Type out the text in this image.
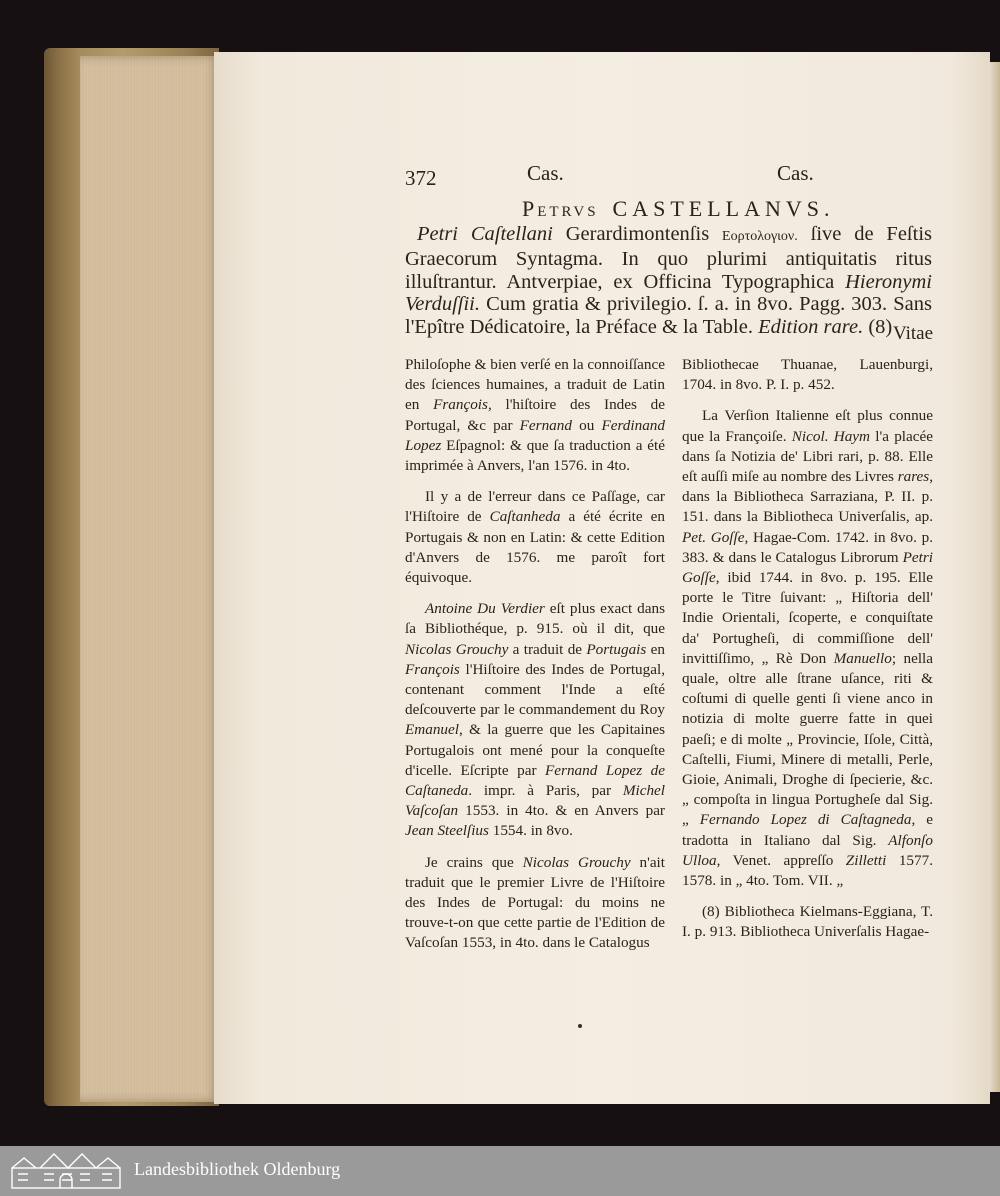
372	Cas.	Cas.
Petrvs CASTELLANVS.
Petri Caſtellani Gerardimontenſis Εορτολογιον. ſive de Feſtis Graecorum Syntagma. In quo plurimi antiquitatis ritus illuſtrantur. Antverpiae, ex Officina Typographica Hieronymi Verduſſii. Cum gratia & privilegio. ſ. a. in 8vo. Pagg. 303. Sans l'Epître Dédicatoire, la Préface & la Table. Edition rare. (8) Vitae

Philoſophe & bien verſé en la connoiſſance des ſciences humaines, a traduit de Latin en François, l'hiſtoire des Indes de Portugal, &c par Fernand ou Ferdinand Lopez Eſpagnol: & que ſa traduction a été imprimée à Anvers, l'an 1576. in 4to.

Il y a de l'erreur dans ce Paſſage, car l'Hiſtoire de Caſtanheda a été écrite en Portugais & non en Latin: & cette Edition d'Anvers de 1576. me paroît fort équivoque.

Antoine Du Verdier eſt plus exact dans ſa Bibliothéque, p. 915. où il dit, que Nicolas Grouchy a traduit de Portugais en François l'Hiſtoire des Indes de Portugal, contenant comment l'Inde a eſté deſcouverte par le commandement du Roy Emanuel, & la guerre que les Capitaines Portugalois ont mené pour la conqueſte d'icelle. Eſcripte par Fernand Lopez de Caſtaneda. impr. à Paris, par Michel Vaſcoſan 1553. in 4to. & en Anvers par Jean Steelſius 1554. in 8vo.

Je crains que Nicolas Grouchy n'ait traduit que le premier Livre de l'Hiſtoire des Indes de Portugal: du moins ne trouve-t-on que cette partie de l'Edition de Vaſcoſan 1553, in 4to. dans le Catalogus

Bibliothecae Thuanae, Lauenburgi, 1704. in 8vo. P. I. p. 452.

La Verſion Italienne eſt plus connue que la Françoiſe. Nicol. Haym l'a placée dans ſa Notizia de' Libri rari, p. 88. Elle eſt auſſi miſe au nombre des Livres rares, dans la Bibliotheca Sarraziana, P. II. p. 151. dans la Bibliotheca Univerſalis, ap. Pet. Goſſe, Hagae-Com. 1742. in 8vo. p. 383. & dans le Catalogus Librorum Petri Goſſe, ibid 1744. in 8vo. p. 195. Elle porte le Titre ſuivant: „ Hiſtoria dell' Indie Orientali, ſcoperte, e conquiſtate da' Portugheſi, di commiſſione dell' invittiſſimo, „ Rè Don Manuello; nella quale, oltre alle ſtrane uſance, riti & coſtumi di quelle genti ſi viene anco in notizia di molte guerre fatte in quei paeſi; e di molte „ Provincie, Iſole, Città, Caſtelli, Fiumi, Minere di metalli, Perle, Gioie, Animali, Droghe di ſpecierie, &c. „ compoſta in lingua Portugheſe dal Sig. „ Fernando Lopez di Caſtagneda, e tradotta in Italiano dal Sig. Alfonſo Ulloa, Venet. appreſſo Zilletti 1577. 1578. in „ 4to. Tom. VII. „

(8) Bibliotheca Kielmans-Eggiana, T. I. p. 913. Bibliotheca Univerſalis Hagae-

Landesbibliothek Oldenburg
